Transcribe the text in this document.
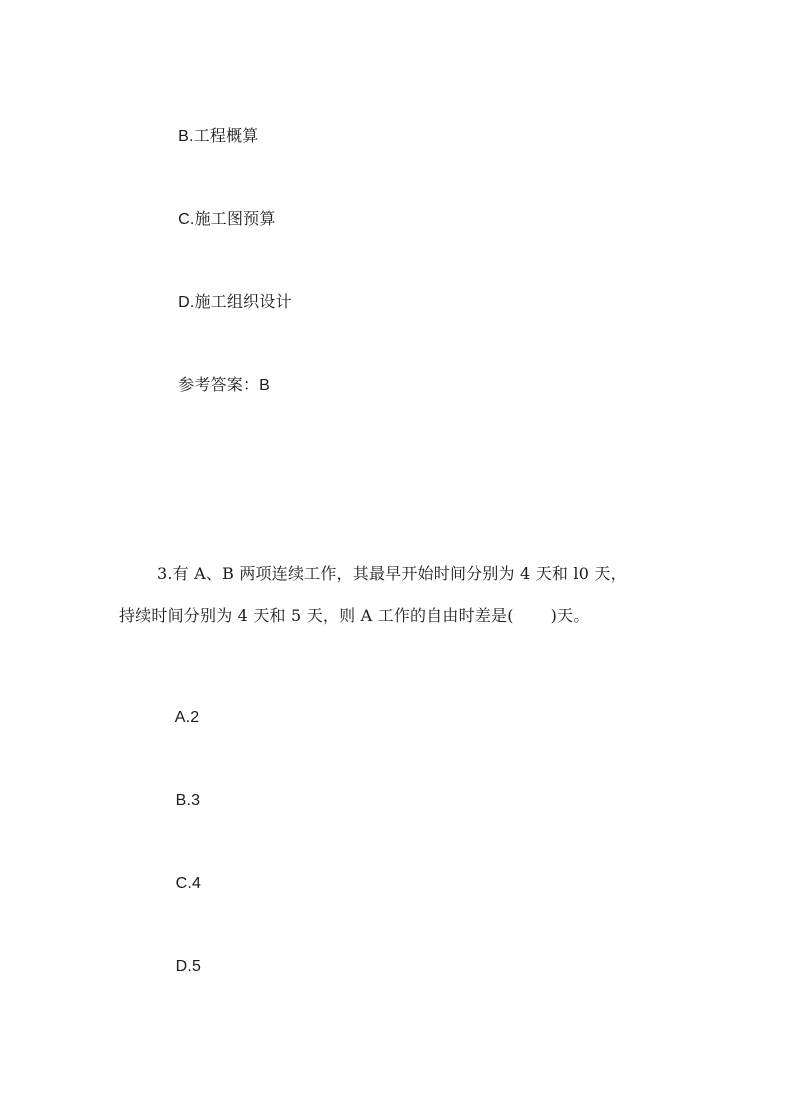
B.工程概算

C.施工图预算

D.施工组织设计

参考答案：B

3.有 A、B 两项连续工作，其最早开始时间分别为 4 天和 l0 天，
持续时间分别为 4 天和 5 天，则 A 工作的自由时差是(       )天。

A.2

B.3

C.4

D.5
